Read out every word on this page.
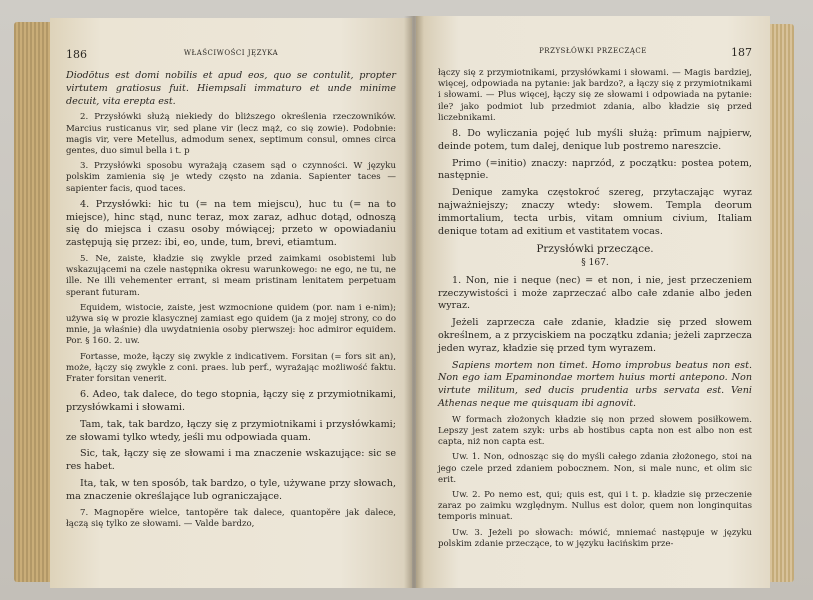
186	WŁAŚCIWOŚCI JĘZYKA

Diodōtus est domi nobilis et apud eos, quo se contulit, propter virtutem gratiosus fuit. Hiempsali immaturo et unde minime decuit, vita erepta est.

2. Przysłówki służą niekiedy do bliższego określenia rzeczowników. Marcius rusticanus vir, sed plane vir (lecz mąż, co się zowie). Podobnie: magis vir, vere Metellus, admodum senex, septimum consul, omnes circa gentes, duo simul bella i t. p

3. Przysłówki sposobu wyrażają czasem sąd o czynności. W języku polskim zamienia się je wtedy często na zdania. Sapienter taces — sapienter facis, quod taces.

4. Przysłówki: hic tu (= na tem miejscu), huc tu (= na to miejsce), hinc stąd, nunc teraz, mox zaraz, adhuc dotąd, odnoszą się do miejsca i czasu osoby mówiącej; przeto w opowiadaniu zastępują się przez: ibi, eo, unde, tum, brevi, etiamtum.

5. Ne, zaiste, kładzie się zwykle przed zaimkami osobistemi lub wskazującemi na czele następnika okresu warunkowego: ne ego, ne tu, ne ille. Ne illi vehementer errant, si meam pristinam lenitatem perpetuam sperant futuram.

Equidem, wistocie, zaiste, jest wzmocnione quidem (por. nam i e-nim); używa się w prozie klasycznej zamiast ego quidem (ja z mojej strony, co do mnie, ja właśnie) dla uwydatnienia osoby pierwszej: hoc admiror equidem. Por. § 160. 2. uw.

Fortasse, może, łączy się zwykle z indicativem. Forsitan (= fors sit an), może, łączy się zwykle z coni. praes. lub perf., wyrażając możliwość faktu. Frater forsitan venerit.

6. Adeo, tak dalece, do tego stopnia, łączy się z przymiotnikami, przysłówkami i słowami.

Tam, tak, tak bardzo, łączy się z przymiotnikami i przysłówkami; ze słowami tylko wtedy, jeśli mu odpowiada quam.

Sic, tak, łączy się ze słowami i ma znaczenie wskazujące: sic se res habet.

Ita, tak, w ten sposób, tak bardzo, o tyle, używane przy słowach, ma znaczenie określające lub ograniczające.

7. Magnopĕre wielce, tantopĕre tak dalece, quantopĕre jak dalece, łączą się tylko ze słowami. — Valde bardzo,

PRZYSŁÓWKI PRZECZĄCE	187

łączy się z przymiotnikami, przysłówkami i słowami. — Magis bardziej, więcej, odpowiada na pytanie: jak bardzo?, a łączy się z przymiotnikami i słowami. — Plus więcej, łączy się ze słowami i odpowiada na pytanie: ile? jako podmiot lub przedmiot zdania, albo kładzie się przed liczebnikami.

8. Do wyliczania pojęć lub myśli służą: prīmum najpierw, deinde potem, tum dalej, denique lub postremo nareszcie.

Primo (=initio) znaczy: naprzód, z początku: postea potem, następnie.

Denique zamyka częstokroć szereg, przytaczając wyraz najważniejszy; znaczy wtedy: słowem. Templa deorum immortalium, tecta urbis, vitam omnium civium, Italiam denique totam ad exitium et vastitatem vocas.

Przysłówki przeczące.

§ 167.

1. Non, nie i neque (nec) = et non, i nie, jest przeczeniem rzeczywistości i może zaprzeczać albo całe zdanie albo jeden wyraz.

Jeżeli zaprzecza całe zdanie, kładzie się przed słowem określnem, a z przyciskiem na początku zdania; jeżeli zaprzecza jeden wyraz, kładzie się przed tym wyrazem.

Sapiens mortem non timet. Homo improbus beatus non est. Non ego iam Epaminondae mortem huius morti antepono. Non virtute militum, sed ducis prudentia urbs servata est. Veni Athenas neque me quisquam ibi agnovit.

W formach złożonych kładzie się non przed słowem posiłkowem. Lepszy jest zatem szyk: urbs ab hostibus capta non est albo non est capta, niż non capta est.

Uw. 1. Non, odnosząc się do myśli całego zdania złożonego, stoi na jego czele przed zdaniem pobocznem. Non, si male nunc, et olim sic erit.

Uw. 2. Po nemo est, qui; quis est, qui i t. p. kładzie się przeczenie zaraz po zaimku względnym. Nullus est dolor, quem non longinquitas temporis minuat.

Uw. 3. Jeżeli po słowach: mówić, mniemać następuje w języku polskim zdanie przeczące, to w języku łacińskim prze-
